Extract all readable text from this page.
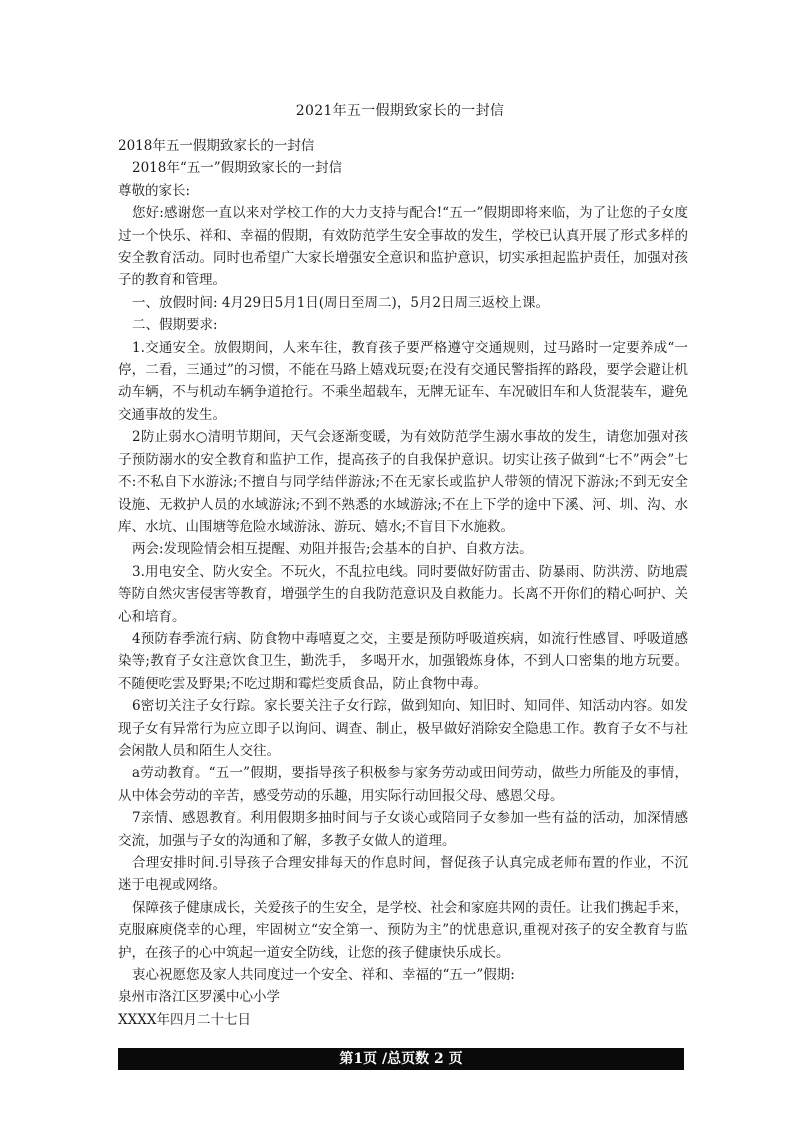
2021年五一假期致家长的一封信

2018年五一假期致家长的一封信

2018年“五一”假期致家长的一封信

尊敬的家长:

您好:感谢您一直以来对学校工作的大力支持与配合!“五一”假期即将来临，为了让您的子女度过一个快乐、祥和、幸福的假期，有效防范学生安全事故的发生，学校已认真开展了形式多样的安全教育活动。同时也希望广大家长增强安全意识和监护意识，切实承担起监护责任，加强对孩子的教育和管理。

一、放假时间: 4月29日5月1日(周日至周二)，5月2日周三返校上课。

二、假期要求:

1.交通安全。放假期间，人来车往，教育孩子要严格遵守交通规则，过马路时一定要养成“一停，二看，三通过”的习惯，不能在马路上嬉戏玩耍;在没有交通民警指挥的路段，要学会避让机动车辆，不与机动车辆争道抢行。不乘坐超载车，无牌无证车、车况破旧车和人货混装车，避免交通事故的发生。

2防止弱水○清明节期间，天气会逐渐变暖，为有效防范学生溺水事故的发生，请您加强对孩子预防溺水的安全教育和监护工作，提高孩子的自我保护意识。切实让孩子做到“七不”两会”七不:不私自下水游泳;不擅自与同学结伴游泳;不在无家长或监护人带领的情况下游泳;不到无安全设施、无救护人员的水域游泳;不到不熟悉的水域游泳;不在上下学的途中下溪、河、圳、沟、水库、水坑、山围塘等危险水域游泳、游玩、嬉水;不盲目下水施救。

两会:发现险情会相互提醒、劝阻并报告;会基本的自护、自救方法。

3.用电安全、防火安全。不玩火，不乱拉电线。同时要做好防雷击、防暴雨、防洪涝、防地震等防自然灾害侵害等教育，增强学生的自我防范意识及自救能力。长离不开你们的精心呵护、关心和培育。

4预防春季流行病、防食物中毒嘻夏之交，主要是预防呼吸道疾病，如流行性感冒、呼吸道感染等;教育子女注意饮食卫生，勤洗手， 多喝开水，加强锻炼身体，不到人口密集的地方玩要。不随便吃雲及野果;不吃过期和霉烂变质食品，防止食物中毒。

6密切关注子女行踪。家长要关注子女行踪，做到知向、知旧时、知同伴、知活动内容。如发现子女有异常行为应立即子以询问、调查、制止，极早做好消除安全隐患工作。教育子女不与社会闲散人员和陌生人交往。

a劳动教育。“五一”假期，要指导孩子积极参与家务劳动或田间劳动，做些力所能及的事情，从中体会劳动的辛苦，感受劳动的乐趣，用实际行动回报父母、感恩父母。

7亲情、感恩教育。利用假期多抽时间与子女谈心或陪同子女参加一些有益的活动，加深情感交流，加强与子女的沟通和了解，多教子女做人的道理。

合理安排时间.引导孩子合理安排每天的作息时间，督促孩子认真完成老师布置的作业，不沉迷于电视或网络。

保障孩子健康成长，关爱孩子的生安全，是学校、社会和家庭共网的责任。让我们携起手来，克服麻庾侥幸的心理，牢固树立“安全第一、预防为主”的忧患意识,重视对孩子的安全教育与监护，在孩子的心中筑起一道安全防线，让您的孩子健康快乐成长。

衷心祝愿您及家人共同度过一个安全、祥和、幸福的“五一”假期:

泉州市洛江区罗溪中心小学

XXXX年四月二十七日

第1页 /总页数 2 页
